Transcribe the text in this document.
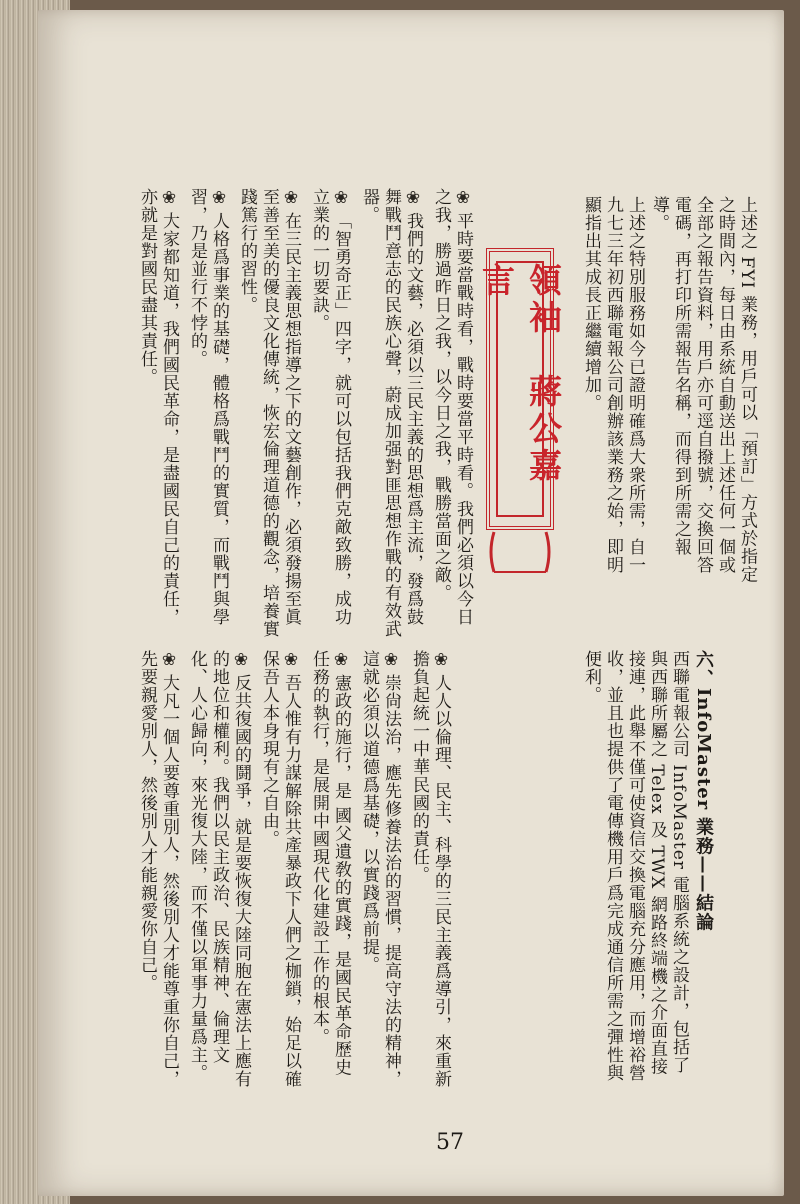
上述之 FYI 業務，用戶可以「預訂」方式於指定之時間內，每日由系統自動送出上述任何一個或全部之報告資料，用戶亦可逕自撥號，交換回答電碼，再打印所需報告名稱，而得到所需之報導。

上述之特別服務如今已證明確爲大衆所需，自一九七三年初西聯電報公司創辦該業務之始，即明顯指出其成長正繼續增加。

領袖　蔣公嘉言

❀平時要當戰時看，戰時要當平時看。我們必須以今日之我，勝過昨日之我，以今日之我，戰勝當面之敵。

❀我們的文藝，必須以三民主義的思想爲主流，發爲鼓舞戰鬥意志的民族心聲，蔚成加强對匪思想作戰的有效武器。

❀「智勇奇正」四字，就可以包括我們克敵致勝，成功立業的一切要訣。

❀在三民主義思想指導之下的文藝創作，必須發揚至眞至善至美的優良文化傳統，恢宏倫理道德的觀念，培養實踐篤行的習性。

❀人格爲事業的基礎，體格爲戰鬥的實質，而戰鬥與學習，乃是並行不悖的。

❀大家都知道，我們國民革命，是盡國民自己的責任，亦就是對國民盡其責任。

六、InfoMaster 業務——結論

西聯電報公司 InfoMaster 電腦系統之設計，包括了與西聯所屬之 Telex 及 TWX 網路終端機之介面直接接連，此舉不僅可使資信交換電腦充分應用，而增裕營收，並且也提供了電傳機用戶爲完成通信所需之彈性與便利。

❀人人以倫理、民主、科學的三民主義爲導引，來重新擔負起統一中華民國的責任。

❀崇尙法治，應先修養法治的習慣，提高守法的精神，這就必須以道德爲基礎，以實踐爲前提。

❀憲政的施行，是 國父遺敎的實踐，是國民革命歷史任務的執行，是展開中國現代化建設工作的根本。

❀吾人惟有力謀解除共產暴政下人們之枷鎖，始足以確保吾人本身現有之自由。

❀反共復國的鬪爭，就是要恢復大陸同胞在憲法上應有的地位和權利。我們以民主政治、民族精神、倫理文化、人心歸向，來光復大陸，而不僅以軍事力量爲主。

❀大凡一個人要尊重別人，然後別人才能尊重你自己，先要親愛別人，然後別人才能親愛你自己。

57
